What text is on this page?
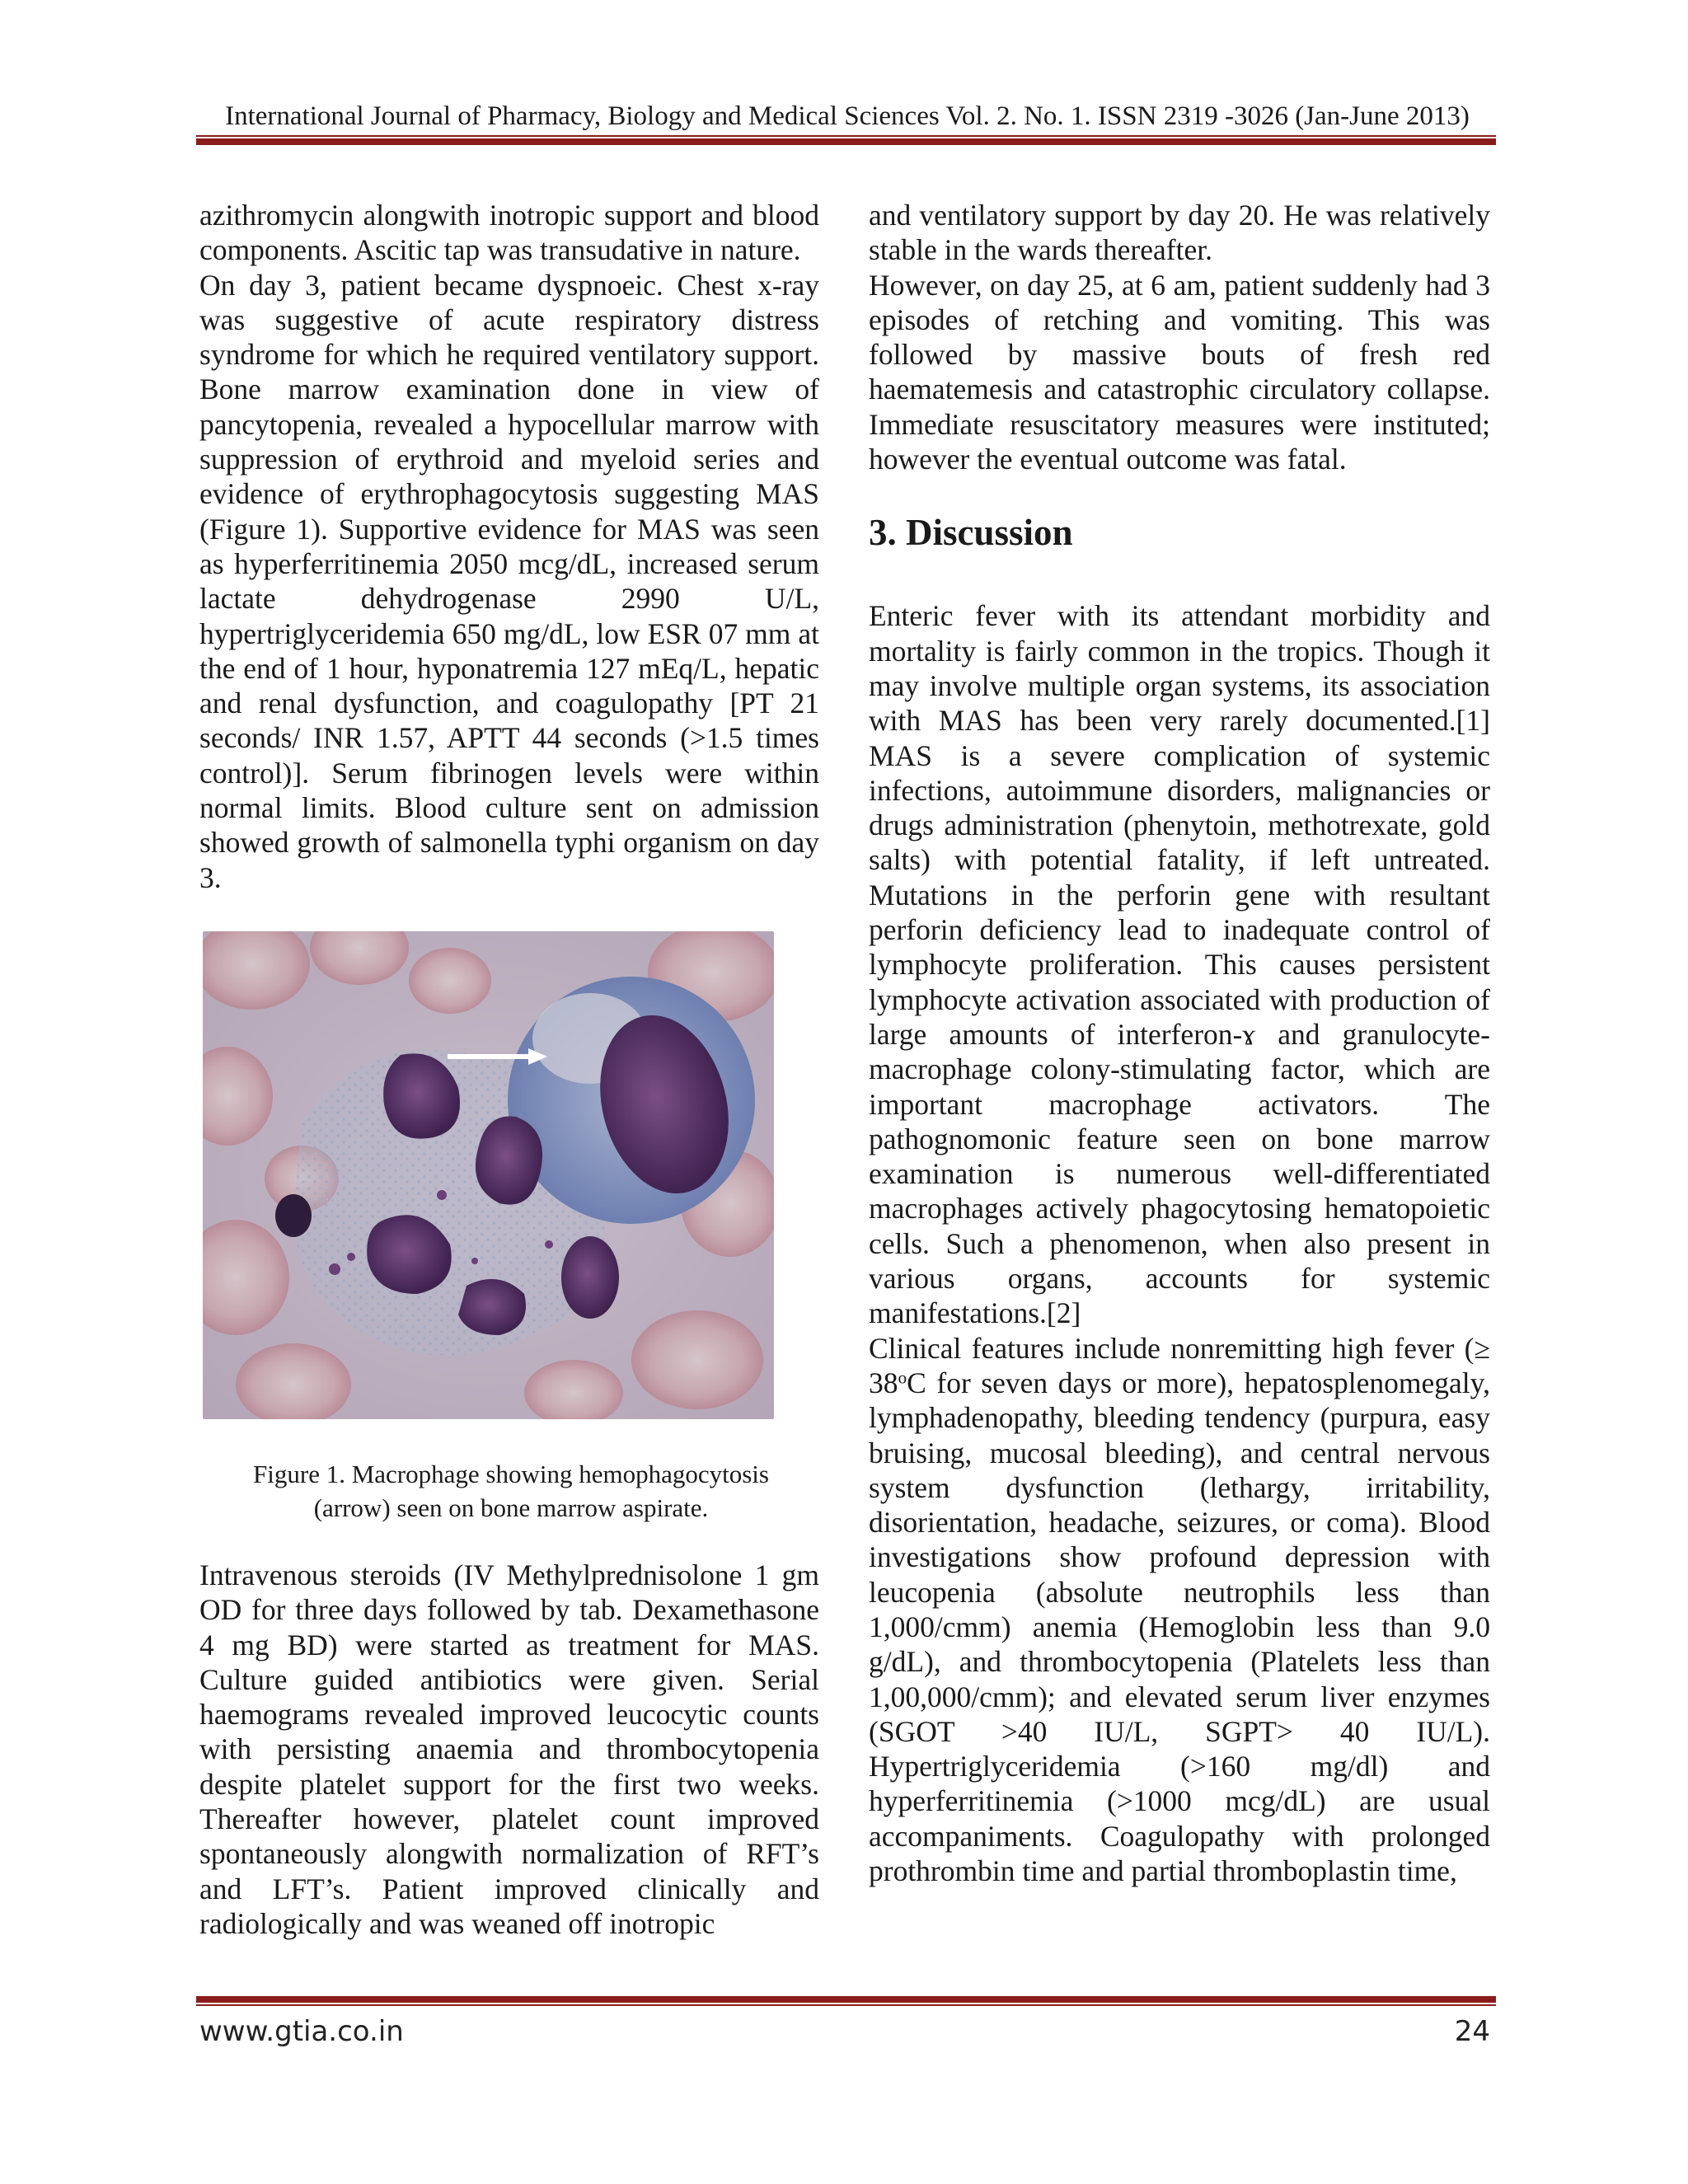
International Journal of Pharmacy, Biology and Medical Sciences Vol. 2. No. 1. ISSN 2319 -3026 (Jan-June 2013)

azithromycin alongwith inotropic support and blood components. Ascitic tap was transudative in nature.

On day 3, patient became dyspnoeic. Chest x-ray was suggestive of acute respiratory distress syndrome for which he required ventilatory support. Bone marrow examination done in view of pancytopenia, revealed a hypocellular marrow with suppression of erythroid and myeloid series and evidence of erythrophagocytosis suggesting MAS (Figure 1). Supportive evidence for MAS was seen as hyperferritinemia 2050 mcg/dL, increased serum lactate dehydrogenase 2990 U/L, hypertriglyceridemia 650 mg/dL, low ESR 07 mm at the end of 1 hour, hyponatremia 127 mEq/L, hepatic and renal dysfunction, and coagulopathy [PT 21 seconds/ INR 1.57, APTT 44 seconds (>1.5 times control)]. Serum fibrinogen levels were within normal limits. Blood culture sent on admission showed growth of salmonella typhi organism on day 3.

Figure 1. Macrophage showing hemophagocytosis (arrow) seen on bone marrow aspirate.

Intravenous steroids (IV Methylprednisolone 1 gm OD for three days followed by tab. Dexamethasone 4 mg BD) were started as treatment for MAS. Culture guided antibiotics were given. Serial haemograms revealed improved leucocytic counts with persisting anaemia and thrombocytopenia despite platelet support for the first two weeks. Thereafter however, platelet count improved spontaneously alongwith normalization of RFT’s and LFT’s. Patient improved clinically and radiologically and was weaned off inotropic

and ventilatory support by day 20. He was relatively stable in the wards thereafter.

However, on day 25, at 6 am, patient suddenly had 3 episodes of retching and vomiting. This was followed by massive bouts of fresh red haematemesis and catastrophic circulatory collapse. Immediate resuscitatory measures were instituted; however the eventual outcome was fatal.

3. Discussion

Enteric fever with its attendant morbidity and mortality is fairly common in the tropics. Though it may involve multiple organ systems, its association with MAS has been very rarely documented.[1] MAS is a severe complication of systemic infections, autoimmune disorders, malignancies or drugs administration (phenytoin, methotrexate, gold salts) with potential fatality, if left untreated. Mutations in the perforin gene with resultant perforin deficiency lead to inadequate control of lymphocyte proliferation. This causes persistent lymphocyte activation associated with production of large amounts of interferon-ɤ and granulocyte-macrophage colony-stimulating factor, which are important macrophage activators. The pathognomonic feature seen on bone marrow examination is numerous well-differentiated macrophages actively phagocytosing hematopoietic cells. Such a phenomenon, when also present in various organs, accounts for systemic manifestations.[2]

Clinical features include nonremitting high fever (≥ $38^oC$ for seven days or more), hepatosplenomegaly, lymphadenopathy, bleeding tendency (purpura, easy bruising, mucosal bleeding), and central nervous system dysfunction (lethargy, irritability, disorientation, headache, seizures, or coma). Blood investigations show profound depression with leucopenia (absolute neutrophils less than 1,000/cmm) anemia (Hemoglobin less than 9.0 g/dL), and thrombocytopenia (Platelets less than 1,00,000/cmm); and elevated serum liver enzymes (SGOT >40 IU/L, SGPT> 40 IU/L). Hypertriglyceridemia (>160 mg/dl) and hyperferritinemia (>1000 mcg/dL) are usual accompaniments. Coagulopathy with prolonged prothrombin time and partial thromboplastin time,

www.gtia.co.in	24
